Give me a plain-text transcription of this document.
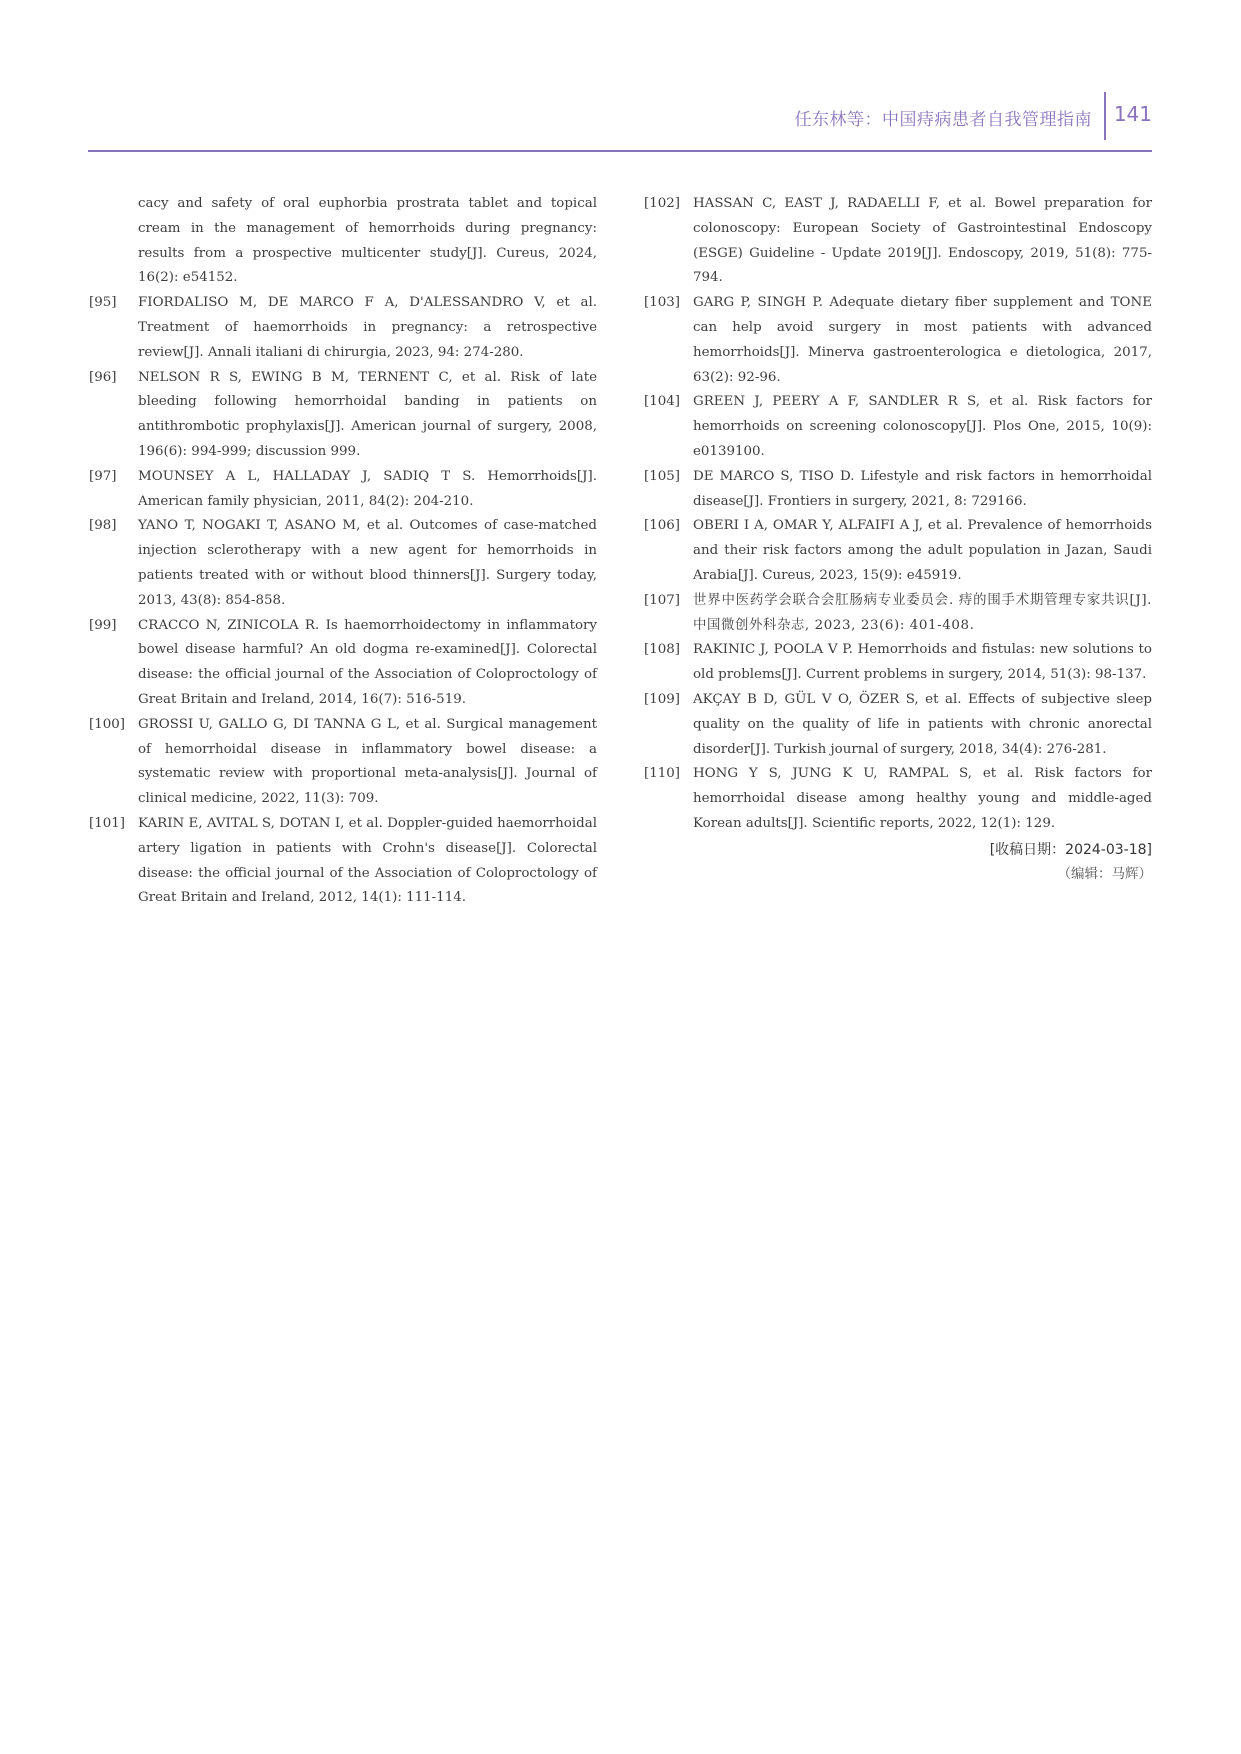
任东林等：中国痔病患者自我管理指南 141
cacy and safety of oral euphorbia prostrata tablet and topical cream in the management of hemorrhoids during pregnancy: results from a prospective multicenter study[J]. Cureus, 2024, 16(2): e54152.
[95] FIORDALISO M, DE MARCO F A, D'ALESSANDRO V, et al. Treatment of haemorrhoids in pregnancy: a retrospective review[J]. Annali italiani di chirurgia, 2023, 94: 274-280.
[96] NELSON R S, EWING B M, TERNENT C, et al. Risk of late bleeding following hemorrhoidal banding in patients on antithrombotic prophylaxis[J]. American journal of surgery, 2008, 196(6): 994-999; discussion 999.
[97] MOUNSEY A L, HALLADAY J, SADIQ T S. Hemorrhoids[J]. American family physician, 2011, 84(2): 204-210.
[98] YANO T, NOGAKI T, ASANO M, et al. Outcomes of case-matched injection sclerotherapy with a new agent for hemorrhoids in patients treated with or without blood thinners[J]. Surgery today, 2013, 43(8): 854-858.
[99] CRACCO N, ZINICOLA R. Is haemorrhoidectomy in inflammatory bowel disease harmful? An old dogma re-examined[J]. Colorectal disease: the official journal of the Association of Coloproctology of Great Britain and Ireland, 2014, 16(7): 516-519.
[100] GROSSI U, GALLO G, DI TANNA G L, et al. Surgical management of hemorrhoidal disease in inflammatory bowel disease: a systematic review with proportional meta-analysis[J]. Journal of clinical medicine, 2022, 11(3): 709.
[101] KARIN E, AVITAL S, DOTAN I, et al. Doppler-guided haemorrhoidal artery ligation in patients with Crohn's disease[J]. Colorectal disease: the official journal of the Association of Coloproctology of Great Britain and Ireland, 2012, 14(1): 111-114.
[102] HASSAN C, EAST J, RADAELLI F, et al. Bowel preparation for colonoscopy: European Society of Gastrointestinal Endoscopy (ESGE) Guideline - Update 2019[J]. Endoscopy, 2019, 51(8): 775-794.
[103] GARG P, SINGH P. Adequate dietary fiber supplement and TONE can help avoid surgery in most patients with advanced hemorrhoids[J]. Minerva gastroenterologica e dietologica, 2017, 63(2): 92-96.
[104] GREEN J, PEERY A F, SANDLER R S, et al. Risk factors for hemorrhoids on screening colonoscopy[J]. Plos One, 2015, 10(9): e0139100.
[105] DE MARCO S, TISO D. Lifestyle and risk factors in hemorrhoidal disease[J]. Frontiers in surgery, 2021, 8: 729166.
[106] OBERI I A, OMAR Y, ALFAIFI A J, et al. Prevalence of hemorrhoids and their risk factors among the adult population in Jazan, Saudi Arabia[J]. Cureus, 2023, 15(9): e45919.
[107] 世界中医药学会联合会肛肠病专业委员会. 痔的围手术期管理专家共识[J]. 中国微创外科杂志, 2023, 23(6): 401-408.
[108] RAKINIC J, POOLA V P. Hemorrhoids and fistulas: new solutions to old problems[J]. Current problems in surgery, 2014, 51(3): 98-137.
[109] AKÇAY B D, GÜL V O, ÖZER S, et al. Effects of subjective sleep quality on the quality of life in patients with chronic anorectal disorder[J]. Turkish journal of surgery, 2018, 34(4): 276-281.
[110] HONG Y S, JUNG K U, RAMPAL S, et al. Risk factors for hemorrhoidal disease among healthy young and middle-aged Korean adults[J]. Scientific reports, 2022, 12(1): 129.
[收稿日期：2024-03-18]
（编辑：马辉）
